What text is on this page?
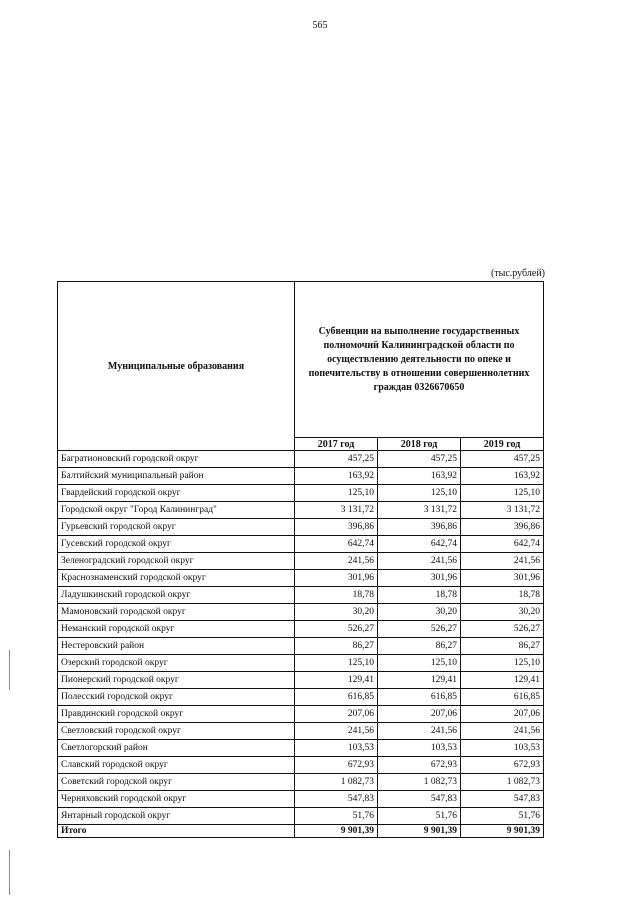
565
(тыс.рублей)
Муниципальные образования	Субвенции на выполнение государственных полномочий Калининградской области по осуществлению деятельности по опеке и попечительству в отношении совершеннолетних граждан 0326670650		
	2017 год	2018 год	2019 год
Багратионовский городской округ	457,25	457,25	457,25
Балтийский муниципальный район	163,92	163,92	163,92
Гвардейский городской округ	125,10	125,10	125,10
Городской округ "Город Калининград"	3 131,72	3 131,72	3 131,72
Гурьевский городской округ	396,86	396,86	396,86
Гусевский городской округ	642,74	642,74	642,74
Зеленоградский городской округ	241,56	241,56	241,56
Краснознаменский городской округ	301,96	301,96	301,96
Ладушкинский городской округ	18,78	18,78	18,78
Мамоновский городской округ	30,20	30,20	30,20
Неманский городской округ	526,27	526,27	526,27
Нестеровский район	86,27	86,27	86,27
Озерский городской округ	125,10	125,10	125,10
Пионерский городской округ	129,41	129,41	129,41
Полесский городской округ	616,85	616,85	616,85
Правдинский городской округ	207,06	207,06	207,06
Светловский городской округ	241,56	241,56	241,56
Светлогорский район	103,53	103,53	103,53
Славский городской округ	672,93	672,93	672,93
Советский городской округ	1 082,73	1 082,73	1 082,73
Черняховский городской округ	547,83	547,83	547,83
Янтарный городской округ	51,76	51,76	51,76
Итого	9 901,39	9 901,39	9 901,39
